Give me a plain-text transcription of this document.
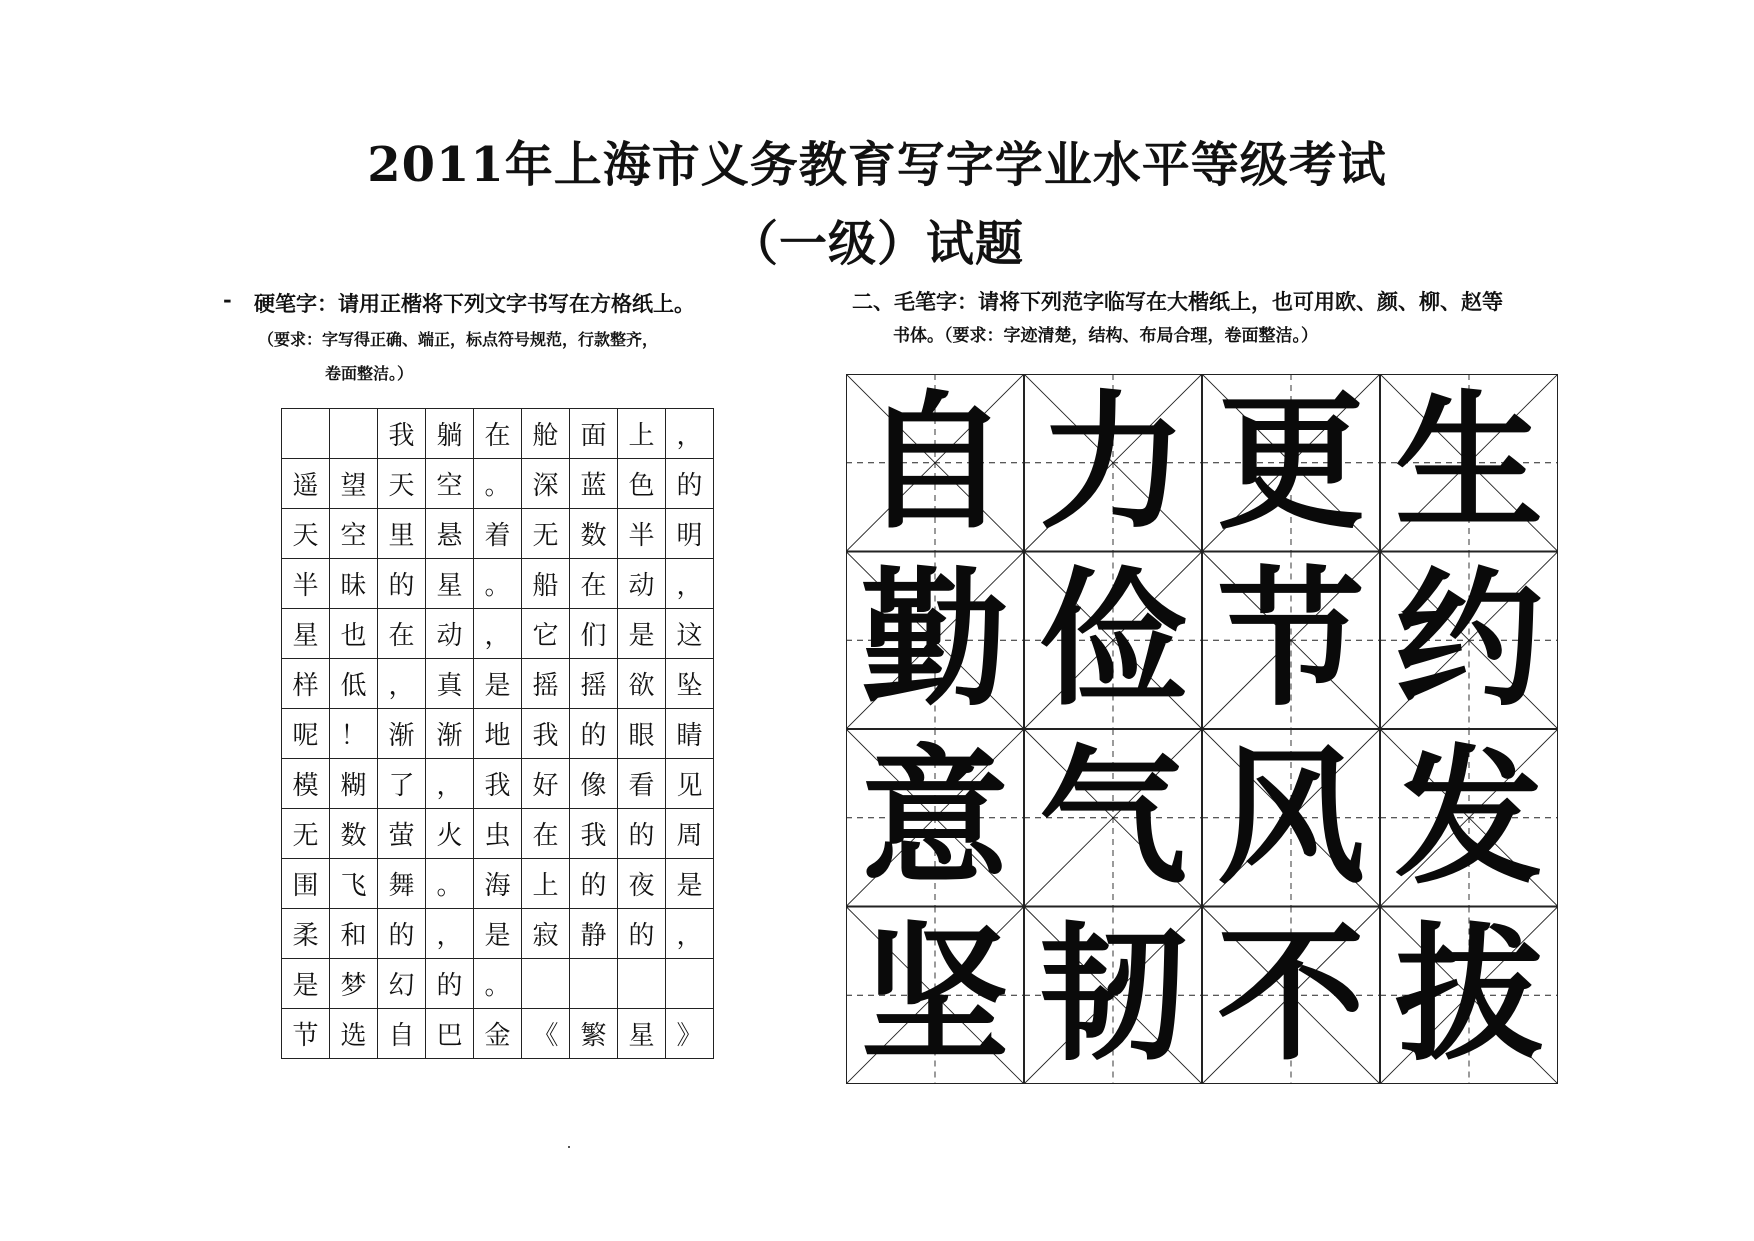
2011年上海市义务教育写字学业水平等级考试
（一级）试题
- 硬笔字：请用正楷将下列文字书写在方格纸上。
（要求：字写得正确、端正，标点符号规范，行款整齐，
卷面整洁。）
		我	躺	在	舱	面	上	，
遥	望	天	空	。	深	蓝	色	的
天	空	里	悬	着	无	数	半	明
半	昧	的	星	。	船	在	动	，
星	也	在	动	，	它	们	是	这
样	低	，	真	是	摇	摇	欲	坠
呢	！	渐	渐	地	我	的	眼	睛
模	糊	了	，	我	好	像	看	见
无	数	萤	火	虫	在	我	的	周
围	飞	舞	。	海	上	的	夜	是
柔	和	的	，	是	寂	静	的	，
是	梦	幻	的	。				
节	选	自	巴	金	《	繁	星	》
二、毛笔字：请将下列范字临写在大楷纸上，也可用欧、颜、柳、赵等
书体。（要求：字迹清楚，结构、布局合理，卷面整洁。）
自 力 更 生
勤 俭 节 约
意 气 风 发
坚 韧 不 拔
